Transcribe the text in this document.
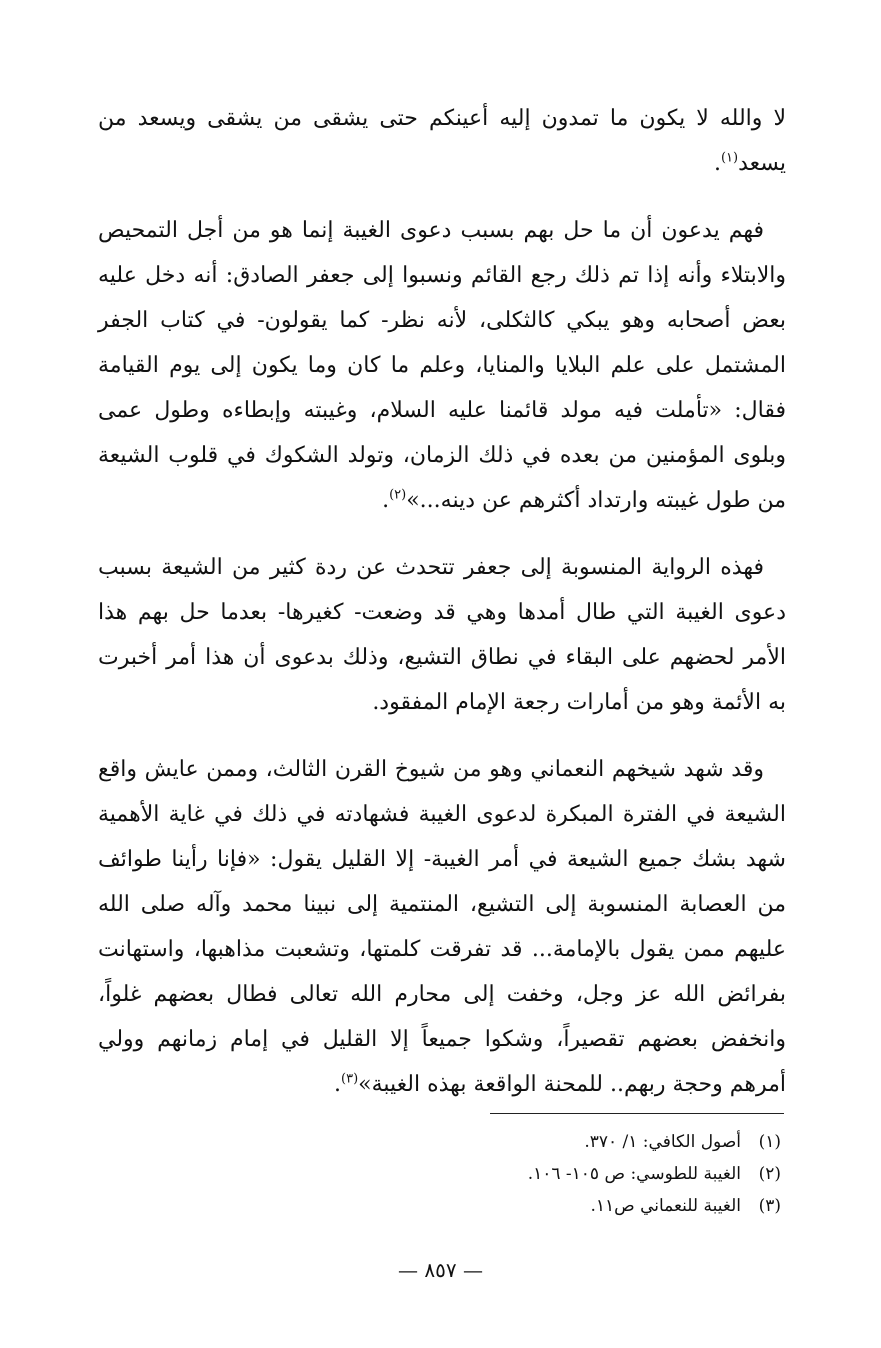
لا والله لا يكون ما تمدون إليه أعينكم حتى يشقى من يشقى ويسعد من يسعد$^{(١)}$.

فهم يدعون أن ما حل بهم بسبب دعوى الغيبة إنما هو من أجل التمحيص والابتلاء وأنه إذا تم ذلك رجع القائم ونسبوا إلى جعفر الصادق: أنه دخل عليه بعض أصحابه وهو يبكي كالثكلى، لأنه نظر- كما يقولون- في كتاب الجفر المشتمل على علم البلايا والمنايا، وعلم ما كان وما يكون إلى يوم القيامة فقال: «تأملت فيه مولد قائمنا عليه السلام، وغيبته وإبطاءه وطول عمى وبلوى المؤمنين من بعده في ذلك الزمان، وتولد الشكوك في قلوب الشيعة من طول غيبته وارتداد أكثرهم عن دينه...»$^{(٢)}$.

فهذه الرواية المنسوبة إلى جعفر تتحدث عن ردة كثير من الشيعة بسبب دعوى الغيبة التي طال أمدها وهي قد وضعت- كغيرها- بعدما حل بهم هذا الأمر لحضهم على البقاء في نطاق التشيع، وذلك بدعوى أن هذا أمر أخبرت به الأئمة وهو من أمارات رجعة الإمام المفقود.

وقد شهد شيخهم النعماني وهو من شيوخ القرن الثالث، وممن عايش واقع الشيعة في الفترة المبكرة لدعوى الغيبة فشهادته في ذلك في غاية الأهمية شهد بشك جميع الشيعة في أمر الغيبة- إلا القليل يقول: «فإنا رأينا طوائف من العصابة المنسوبة إلى التشيع، المنتمية إلى نبينا محمد وآله صلى الله عليهم ممن يقول بالإمامة... قد تفرقت كلمتها، وتشعبت مذاهبها، واستهانت بفرائض الله عز وجل، وخفت إلى محارم الله تعالى فطال بعضهم غلواً، وانخفض بعضهم تقصيراً، وشكوا جميعاً إلا القليل في إمام زمانهم وولي أمرهم وحجة ربهم.. للمحنة الواقعة بهذه الغيبة»$^{(٣)}$.

(١)
أصول الكافي: ١/ ٣٧٠.
(٢)
الغيبة للطوسي: ص ١٠٥- ١٠٦.
(٣)
الغيبة للنعماني ص١١.
— ٨٥٧ —
